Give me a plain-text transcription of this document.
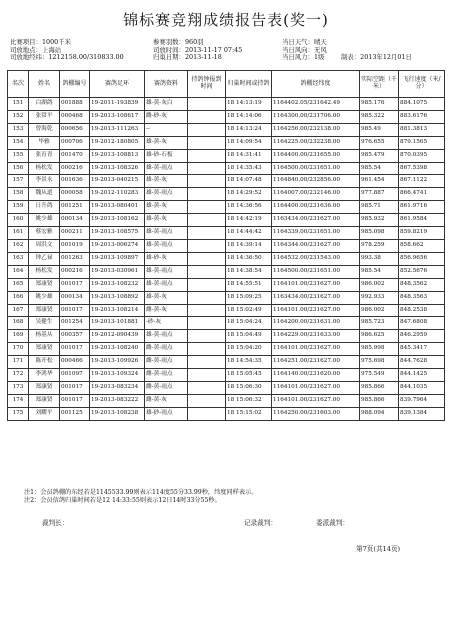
锦标赛竞翔成绩报告表(奖一)
比赛项目：1000千米	参赛羽数：960羽	当日天气：晴天
司放地点：上海站	司放时间：2013-11-17 07:45	当日风向：无风
司放地经纬：1212158.00/310833.00	归巢日期：2013-11-18	当日风力：1级	制表：2013年12月01日
名次	姓名	鸽棚编号	赛鸽足环	赛鸽资料	持鸽钟报到时间	归巢时间或持鸽	鸽棚经纬度	实际空距（千米）	飞行速度（米/分）
151	白湖鸽	001888	19-2011-193839	雄-黄-灰白		18 14:13:19	1164402.05/231642.49	985.176	884.1075
152	张常平	000468	19-2013-108617	雌-砂-灰		18 14:14:06	1164300.00/231706.00	985.322	883.6176
153	曾海乾	000656	19-2013-111263	--		18 14:13:24	1164256.00/232138.00	985.49	881.3813
154	毕雅	000706	19-2012-180805	雄-黄-灰		18 14:09:54	1164225.00/232238.00	976.655	879.1565
155	张育青	001470	19-2013-108813	雄-砂-石板		18 14:31:41	1164400.00/231655.00	985.479	870.0395
156	杨松发	000216	19-2013-108326	雄-黄-雨点		18 14:35:43	1164500.00/231651.00	985.54	867.5398
157	李景永	001636	19-2013-040215	雄-黄-灰		18 14:07:48	1164840.00/232856.00	961.454	867.1122
158	魏从道	000058	19-2012-110283	雄-黄-雨点		18 14:29:52	1164007.00/232146.00	977.887	866.4741
159	日升鸽	001251	19-2013-080401	雄-黄-灰		18 14:36:56	1164400.00/231636.00	985.71	861.9716
160	姚少雄	000134	19-2013-108162	雄-黄-灰		18 14:42:19	1163434.00/231627.00	985.932	861.9584
161	蔡宏雅	000211	19-2013-108575	雄-黄-雨点		18 14:44:42	1164339.00/231651.00	985.098	859.8219
162	周洪文	001019	19-2013-006274	雄-黄-雨点		18 14:39:14	1164344.00/231627.00	978.259	858.662
163	钟乙禄	001263	19-2013-109897	雄-砂-灰		18 14:36:50	1164532.00/231543.00	993.38	856.9656
164	杨松发	000216	19-2013-030961	雄-黄-雨点		18 14:38:54	1164500.00/231651.00	985.54	852.5676
165	郑康贤	001017	19-2013-108232	雄-黄-雨点		18 14:55:51	1164101.00/231627.00	986.002	848.3562
166	姚少雄	000134	19-2013-108892	雄-黄-灰		18 15:09:25	1163434.00/231627.00	992.933	848.3563
167	郑康贤	001017	19-2013-108214	雌-黄-灰		18 15:02:49	1164101.00/231627.00	986.002	848.2538
168	吴健生	001254	19-2013-101881	-砂-灰		18 15:04:24	1164200.00/231631.00	985.723	847.6808
169	杨基从	000357	19-2012-090439	雄-黄-雨点		18 15:04:49	1164229.00/231633.00	986.625	846.2959
170	郑康贤	001017	19-2013-108240	雌-黄-雨点		18 15:04:20	1164101.00/231627.00	985.998	845.3417
171	陈开松	000466	19-2013-109926	雌-黄-雨点		18 14:54:35	1164251.00/231627.00	975.698	844.7628
172	李鸿华	001097	19-2013-109324	雌-黄-雨点		18 15:05:45	1164140.00/231620.00	975.549	844.1425
173	郑康贤	001017	19-2013-083234	雌-黄-雨点		18 15:06:30	1164101.00/231627.00	985.866	844.1035
174	郑康贤	001017	19-2013-083222	雌-黄-灰		18 15:06:32	1164101.00/231627.00	985.866	839.7964
175	刘耀平	001125	19-2013-108238	雄-砂-雨点		18 15:15:02	1164250.00/231603.00	988.094	839.1384
注1：会员鸽棚的东经若是1145533.99则表示114度55分33.99秒，纬度同样表示。
注2：会员信鸽归巢时间若是12 14:33:55则表示12日14时33分55秒。
裁判长：	记录裁判：	委派裁判：
第7页(共14页)
